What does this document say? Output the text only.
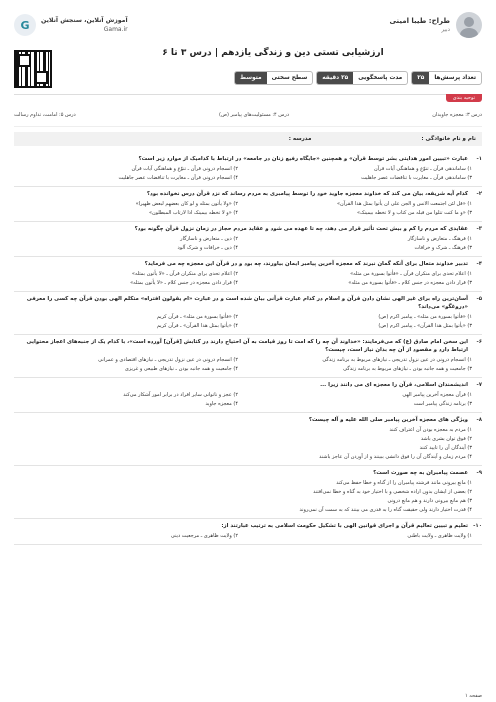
طراح: طیبا امینی
دبیر
G	آموزش آنلاین، سنجش آنلاین
Gama.ir
ارزشیابی تستی دین و زندگی یازدهم | درس ۳ تا ۶
تعداد پرسش‌ها
۲۵
مدت پاسخگویی
۲۵ دقیقه
سطح سختی
متوسط
توحیه بندی
درس ۳: معجزه جاویدان
درس ۴: مسئولیت‌های پیامبر (ص)
درس ۵: امامت، تداوم رسالت
نام و نام خانوادگی :
مدرسه :
۱-
عبارت «تبیین امور هدایتی بشر توسط قرآن» و همچنین «جایگاه رفیع زنان در جامعه» در ارتباط با کدامیک از موارد زیر است؟
۱) ساماندهی قرآن ـ تنوّع و هماهنگی آیات قرآن
۲) انسجام درونی قرآن ـ تنوّع و هماهنگی آیات قرآن
۳) ساماندهی قرآن ـ مغایرت با تناقضات عصر جاهلیت
۴) انسجام درونی قرآن ـ مغایرت با تناقضات عصر جاهلیت
۲-
کدام آیه شریفه، بیان می کند که خداوند معجزه جاوید خود را توسط پیامبری به مردم رساند که نزد قرآن درس نخوانده بود؟
۱) «قل لئن اجتمعت الانس و الجن علی ان یأتوا بمثل هذا القرآن»
۲) «ولا یأتون بمثله و لو کان بعضهم لبعض ظهیرا»
۳) «و ما کنت تتلوا من قبله من کتاب و لا تخطه بیمینک»
۴) «و لا تخطه بیمینک اذا لارتاب المبطلون»
۳-
عقایدی که مردم را کم و بیش تحت تأثیر قرار می دهد، چه تا عهده می شود و عقاید مردم حجاز در زمان نزول قرآن چگونه بود؟
۱) فرهنگ ـ متعارض و ناسازگار
۲) دین ـ متعارض و ناسازگار
۳) فرهنگ ـ شرک و خرافات
۴) دین ـ خرافات و شرک آلود
۴-
تدبیر خداوند متعال برای آنکه گمان نبرند که معجزه آخرین پیامبر ایمان بیاورند، چه بود و در قرآن این معجزه چه می فرماید؟
۱) اعلام تحدی برای منکران قرآن ـ «فأتوا بسورة من مثله»
۲) اعلام تحدی برای منکران قرآن ـ «لا یأتون بمثله»
۳) قرار دادن معجزه در جنس کلام ـ «فأتوا بسورة من مثله»
۴) قرار دادن معجزه در جنس کلام ـ «لا یأتون بمثله»
۵-
آسان‌ترین راه برای غیر الهی نشان دادن قرآن و اسلام در کدام عبارت قرآنی بیان شده است و در عبارت «ام یقولون افتراه» متکلم الهی بودن قرآن چه کسی را معرفی «دروغگو» می‌داند؟
۱) «فأتوا بسورة من مثله» ـ پیامبر اکرم (ص)
۲) «فأتوا بسورة من مثله» ـ قرآن کریم
۳) «یأتوا بمثل هذا القرآن» ـ پیامبر اکرم (ص)
۴) «یأتوا بمثل هذا القرآن» ـ قرآن کریم
۶-
این سخن امام صادق (ع) که می‌فرمایند: «خداوند آن چه را که امت تا روز قیامت به آن احتیاج دارند در کتابش [قرآن] آورده است»، با کدام یک از جنبه‌های اعجاز محتوایی ارتباط دارد و مقصود از آن چه بدان نیاز است، چیست؟
۱) انسجام درونی در عین نزول تدریجی ـ نیازهای مربوط به برنامه زندگی
۲) انسجام درونی در عین نزول تدریجی ـ نیازهای اقتصادی و عمرانی
۳) جامعیت و همه جانبه بودن ـ نیازهای مربوط به برنامه زندگی
۴) جامعیت و همه جانبه بودن ـ نیازهای طبیعی و غریزی
۷-
اندیشمندان اسلامی، قرآن را معجزه ای می دانند زیرا ...
۱) قرآن معجزه آخرین پیامبر الهی
۲) عجز و ناتوانی سایر افراد در برابر امور آشکار می‌کند
۳) برنامه زندگی پیامبر است
۴) معجزه جاوید
۸-
ویژگی های معجزه آخرین پیامبر صلی الله علیه و آله چیست؟
۱) مردم به معجزه بودن آن اعتراف کنند
۲) فوق توان بشری باشد
۳) آیندگان آن را تایید کنند
۴) مردم زمان و آیندگان آن را فوق دانشی ببینند و از آوردن آن عاجز باشند
۹-
عصمت پیامبران به چه صورت است؟
۱) مانع بیرونی مانند فرشته پیامبران را از گناه و خطا حفظ می‌کند
۲) بعضی از ایشان بدون اراده شخصی و با اختیار خود به گناه و خطا نمی‌افتند
۳) هم مانع بیرونی دارند و هم مانع درونی
۴) قدرت اختیار دارند ولی حقیقت گناه را به قدری می بینند که به سمت آن نمی‌روند
۱۰-
تعلیم و تبیین تعالیم قرآن و اجرای قوانین الهی با تشکیل حکومت اسلامی به ترتیب عبارتند از:
۱) ولایت ظاهری ـ ولایت باطنی
۲) ولایت ظاهری ـ مرجعیت دینی
صفحه ۱
